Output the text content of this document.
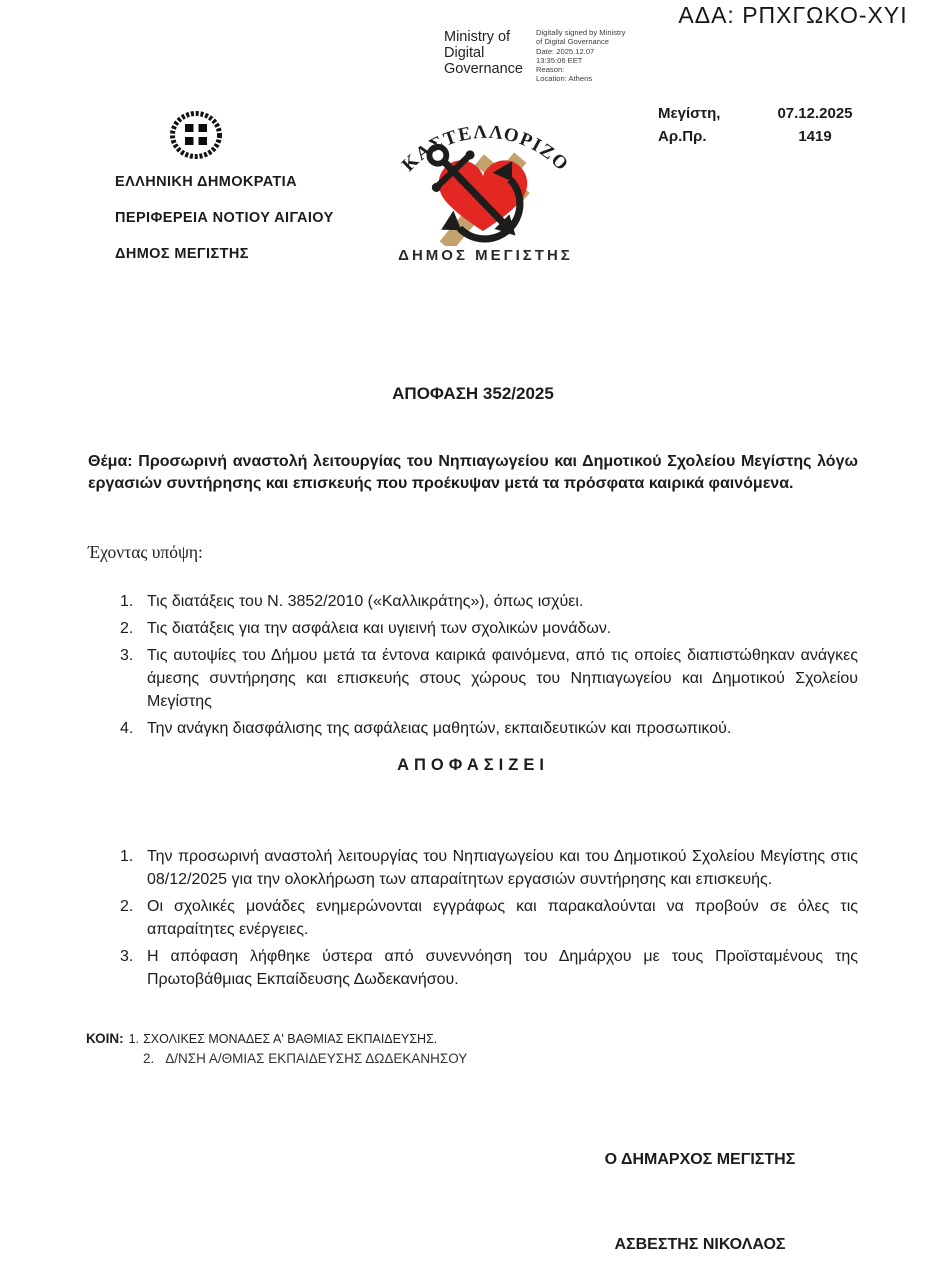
ΑΔΑ: ΡΠΧΓΩΚΟ-ΧΥΙ
Ministry of Digital Governance
Digitally signed by Ministry
of Digital Governance
Date: 2025.12.07
13:35:06 EET
Reason:
Location: Athens
ΕΛΛΗΝΙΚΗ ΔΗΜΟΚΡΑΤΙΑ
ΠΕΡΙΦΕΡΕΙΑ ΝΟΤΙΟΥ ΑΙΓΑΙΟΥ
ΔΗΜΟΣ ΜΕΓΙΣΤΗΣ
ΚΑΣΤΕΛΛΟΡΙΖΟ
ΔΗΜΟΣ ΜΕΓΙΣΤΗΣ
Μεγίστη,	07.12.2025
Αρ.Πρ.	1419
ΑΠΟΦΑΣΗ 352/2025
Θέμα: Προσωρινή αναστολή λειτουργίας του Νηπιαγωγείου και Δημοτικού Σχολείου Μεγίστης λόγω εργασιών συντήρησης και επισκευής που προέκυψαν μετά τα πρόσφατα καιρικά φαινόμενα.
Έχοντας υπόψη:
1. Τις διατάξεις του Ν. 3852/2010 («Καλλικράτης»), όπως ισχύει.
2. Τις διατάξεις για την ασφάλεια και υγιεινή των σχολικών μονάδων.
3. Τις αυτοψίες του Δήμου μετά τα έντονα καιρικά φαινόμενα, από τις οποίες διαπιστώθηκαν ανάγκες άμεσης συντήρησης και επισκευής στους χώρους του Νηπιαγωγείου και Δημοτικού Σχολείου Μεγίστης
4. Την ανάγκη διασφάλισης της ασφάλειας μαθητών, εκπαιδευτικών και προσωπικού.
ΑΠΟΦΑΣΙΖΕΙ
1. Την προσωρινή αναστολή λειτουργίας του Νηπιαγωγείου και του Δημοτικού Σχολείου Μεγίστης στις 08/12/2025 για την ολοκλήρωση των απαραίτητων εργασιών συντήρησης και επισκευής.
2. Οι σχολικές μονάδες ενημερώνονται εγγράφως και παρακαλούνται να προβούν σε όλες τις απαραίτητες ενέργειες.
3. Η απόφαση λήφθηκε ύστερα από συνεννόηση του Δημάρχου με τους Προϊσταμένους της Πρωτοβάθμιας Εκπαίδευσης Δωδεκανήσου.
ΚΟΙΝ: 1. ΣΧΟΛΙΚΕΣ ΜΟΝΑΔΕΣ Α' ΒΑΘΜΙΑΣ ΕΚΠΑΙΔΕΥΣΗΣ.
2. Δ/ΝΣΗ Α/ΘΜΙΑΣ ΕΚΠΑΙΔΕΥΣΗΣ ΔΩΔΕΚΑΝΗΣΟΥ
Ο ΔΗΜΑΡΧΟΣ ΜΕΓΙΣΤΗΣ
ΑΣΒΕΣΤΗΣ ΝΙΚΟΛΑΟΣ
